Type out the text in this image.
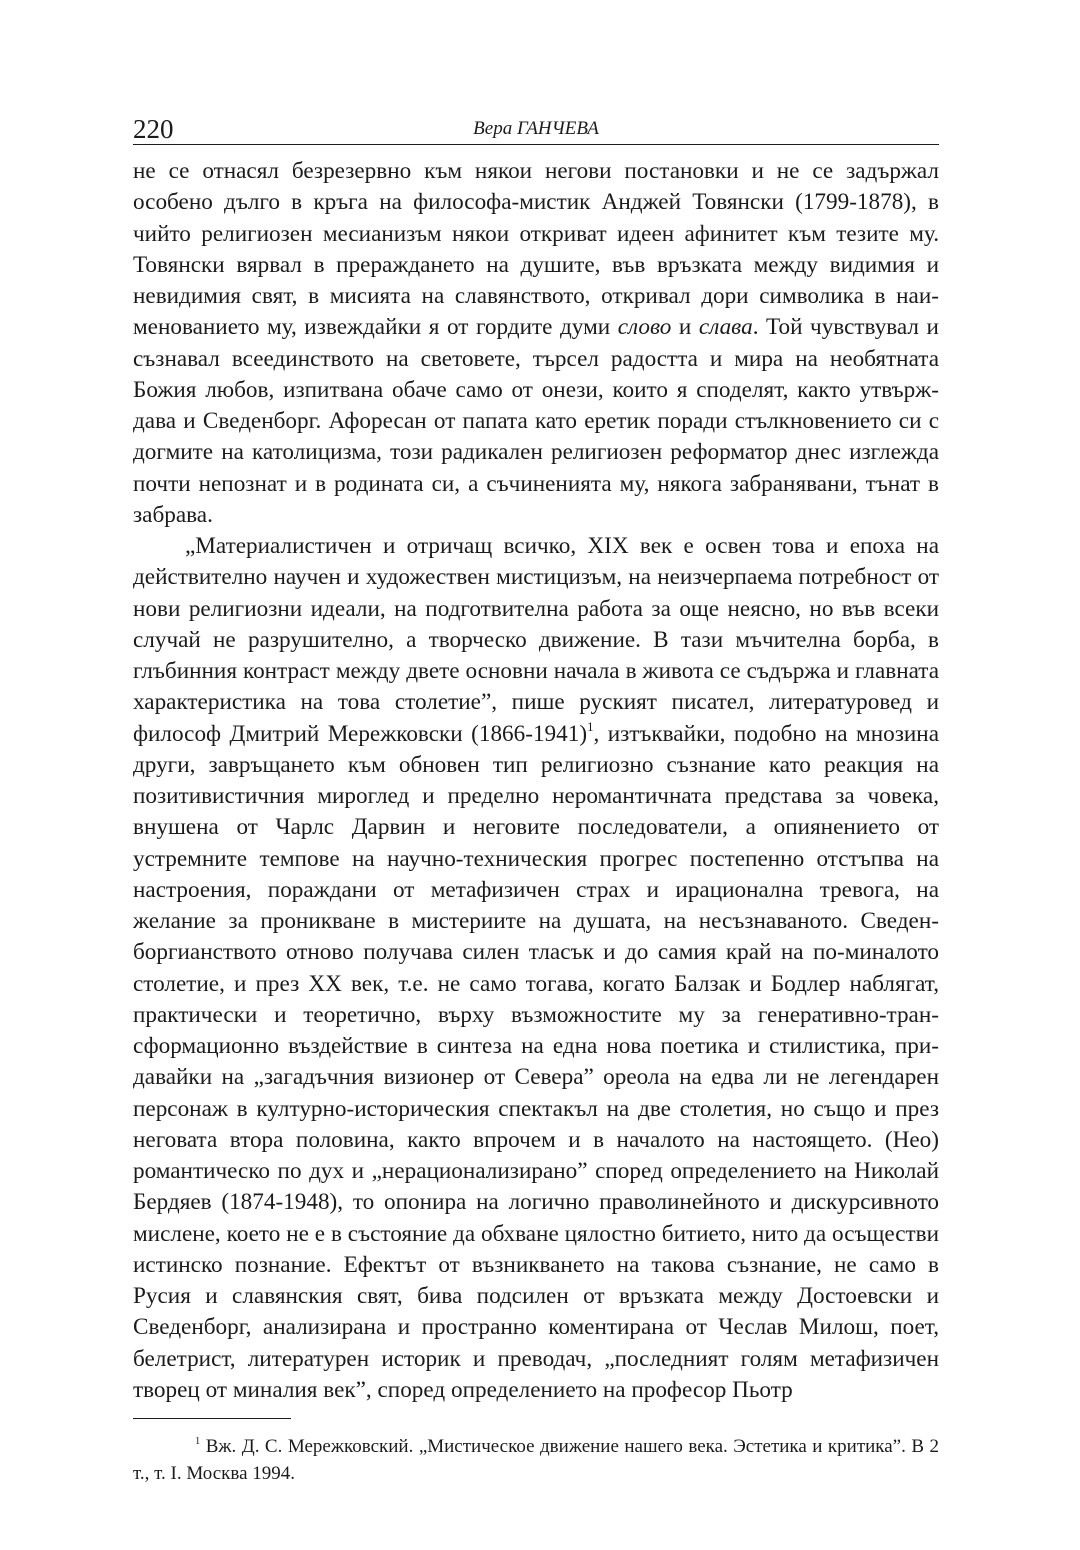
220	Вера ГАНЧЕВА

не се отнасял безрезервно към някои негови постановки и не се задържал особено дълго в кръга на философа-мистик Анджей Товянски (1799-1878), в чийто религиозен месианизъм някои откриват идеен афинитет към тезите му. Товянски вярвал в прераждането на душите, във връзката между видимия и невидимия свят, в мисията на славянството, откривал дори символика в наименованието му, извеждайки я от гордите думи слово и слава. Той чувствувал и съзнавал всеединството на световете, търсел радостта и мира на необятната Божия любов, изпитвана обаче само от онези, които я споделят, както утвърждава и Сведенборг. Афоресан от папата като еретик поради стълкновението си с догмите на католицизма, този радикален религиозен реформатор днес изглежда почти непознат и в родината си, а съчиненията му, някога забранявани, тънат в забрава.

„Материалистичен и отричащ всичко, XIX век е освен това и епоха на действително научен и художествен мистицизъм, на неизчерпаема потребност от нови религиозни идеали, на подготвителна работа за още неясно, но във всеки случай не разрушително, а творческо движение. В тази мъчителна борба, в глъбинния контраст между двете основни начала в живота се съдържа и главната характеристика на това столетие”, пише руският писател, литературовед и философ Дмитрий Мережковски (1866-1941)$^1$, изтъквайки, подобно на мнозина други, завръщането към обновен тип религиозно съзнание като реакция на позитивистичния мироглед и пределно неромантичната представа за човека, внушена от Чарлс Дарвин и неговите последователи, а опиянението от устремните темпове на научно-техническия прогрес постепенно отстъпва на настроения, пораждани от метафизичен страх и ирационална тревога, на желание за проникване в мистериите на душата, на несъзнаваното. Сведенборгианството отново получава силен тласък и до самия край на по-миналото столетие, и през XX век, т.е. не само тогава, когато Балзак и Бодлер наблягат, практически и теоретично, върху възможностите му за генеративно-трансформационно въздействие в синтеза на една нова поетика и стилистика, придавайки на „загадъчния визионер от Севера” ореола на едва ли не легендарен персонаж в културно-историческия спектакъл на две столетия, но също и през неговата втора половина, както впрочем и в началото на настоящето. (Нео) романтическо по дух и „нерационализирано” според определението на Николай Бердяев (1874-1948), то опонира на логично праволинейното и дискурсивното мислене, което не е в състояние да обхване цялостно битието, нито да осъществи истинско познание. Ефектът от възникването на такова съзнание, не само в Русия и славянския свят, бива подсилен от връзката между Достоевски и Сведенборг, анализирана и пространно коментирана от Чеслав Милош, поет, белетрист, литературен историк и преводач, „последният голям метафизичен творец от миналия век”, според определението на професор Пьотр

$^1$ Вж. Д. С. Мережковский. „Мистическое движение нашего века. Эстетика и критика”. В 2 т., т. I. Москва 1994.
